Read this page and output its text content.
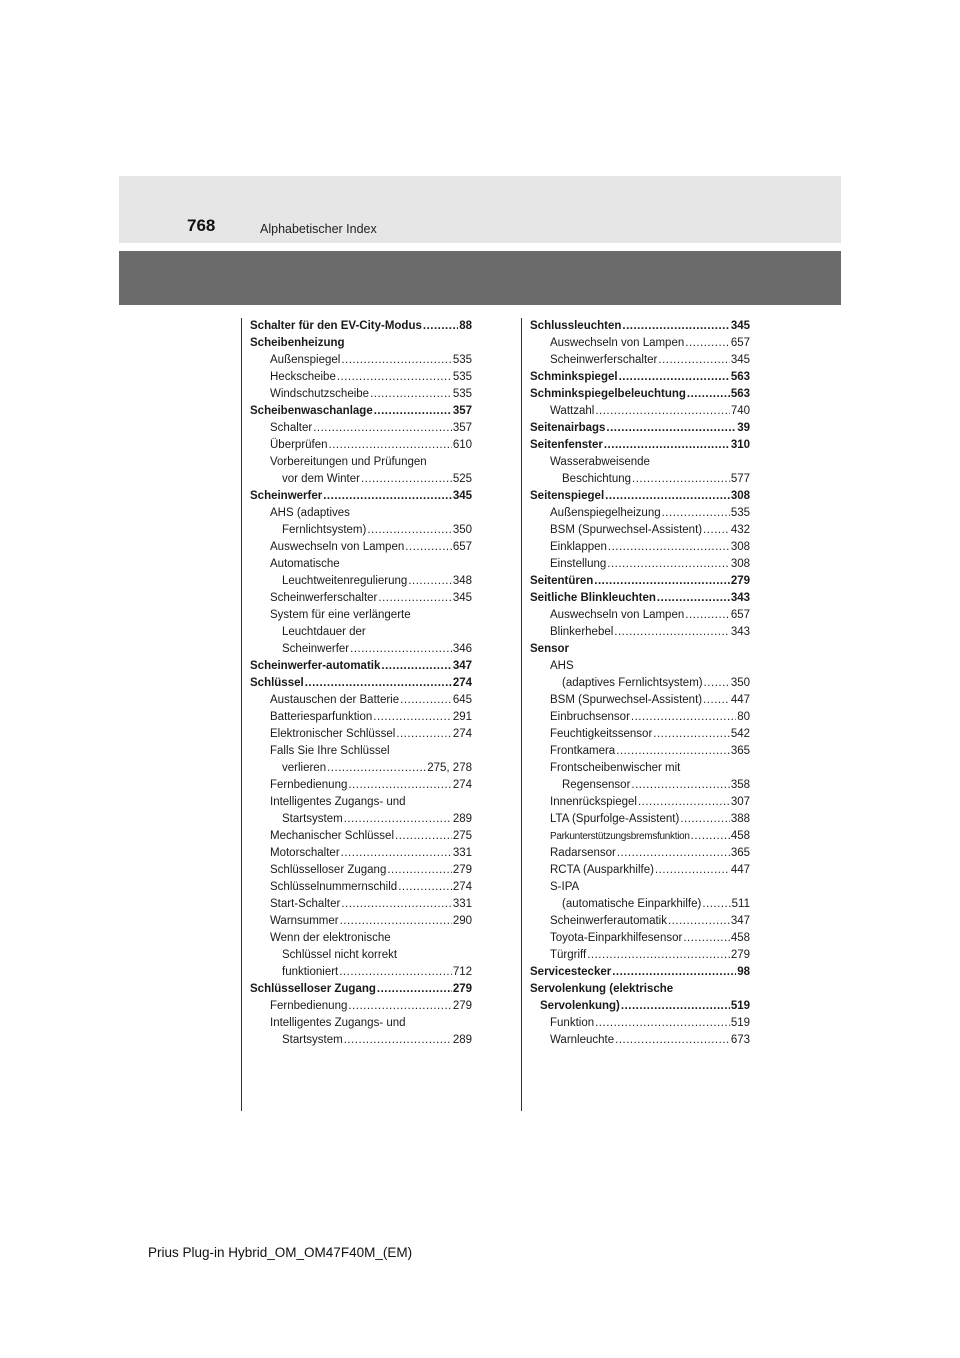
768	Alphabetischer Index
Schalter für den EV-City-Modus .....	88
Scheibenheizung
Außenspiegel .....	535
Heckscheibe .....	535
Windschutzscheibe .....	535
Scheibenwaschanlage .....	357
Schalter .....	357
Überprüfen .....	610
Vorbereitungen und Prüfungen
vor dem Winter .....	525
Scheinwerfer .....	345
AHS (adaptives
Fernlichtsystem) .....	350
Auswechseln von Lampen .....	657
Automatische
Leuchtweitenregulierung .....	348
Scheinwerferschalter .....	345
System für eine verlängerte
Leuchtdauer der
Scheinwerfer .....	346
Scheinwerfer-automatik .....	347
Schlüssel .....	274
Austauschen der Batterie .....	645
Batteriesparfunktion .....	291
Elektronischer Schlüssel .....	274
Falls Sie Ihre Schlüssel
verlieren .....	275, 278
Fernbedienung .....	274
Intelligentes Zugangs- und
Startsystem .....	289
Mechanischer Schlüssel .....	275
Motorschalter .....	331
Schlüsselloser Zugang .....	279
Schlüsselnummernschild .....	274
Start-Schalter .....	331
Warnsummer .....	290
Wenn der elektronische
Schlüssel nicht korrekt
funktioniert .....	712
Schlüsselloser Zugang .....	279
Fernbedienung .....	279
Intelligentes Zugangs- und
Startsystem .....	289
Schlussleuchten .....	345
Auswechseln von Lampen .....	657
Scheinwerferschalter .....	345
Schminkspiegel .....	563
Schminkspiegelbeleuchtung .....	563
Wattzahl .....	740
Seitenairbags .....	39
Seitenfenster .....	310
Wasserabweisende
Beschichtung .....	577
Seitenspiegel .....	308
Außenspiegelheizung .....	535
BSM (Spurwechsel-Assistent) ..... 432
Einklappen .....	308
Einstellung .....	308
Seitentüren .....	279
Seitliche Blinkleuchten .....	343
Auswechseln von Lampen .....	657
Blinkerhebel .....	343
Sensor
AHS
(adaptives Fernlichtsystem) ..... 350
BSM (Spurwechsel-Assistent) ..... 447
Einbruchsensor .....	80
Feuchtigkeitssensor .....	542
Frontkamera .....	365
Frontscheibenwischer mit
Regensensor .....	358
Innenrückspiegel .....	307
LTA (Spurfolge-Assistent) .....	388
Parkunterstützungsbremsfunktion .....	458
Radarsensor .....	365
RCTA (Ausparkhilfe) .....	447
S-IPA
(automatische Einparkhilfe) .....	511
Scheinwerferautomatik .....	347
Toyota-Einparkhilfesensor .....	458
Türgriff .....	279
Servicestecker .....	98
Servolenkung (elektrische
Servolenkung) .....	519
Funktion .....	519
Warnleuchte .....	673
Prius Plug-in Hybrid_OM_OM47F40M_(EM)
